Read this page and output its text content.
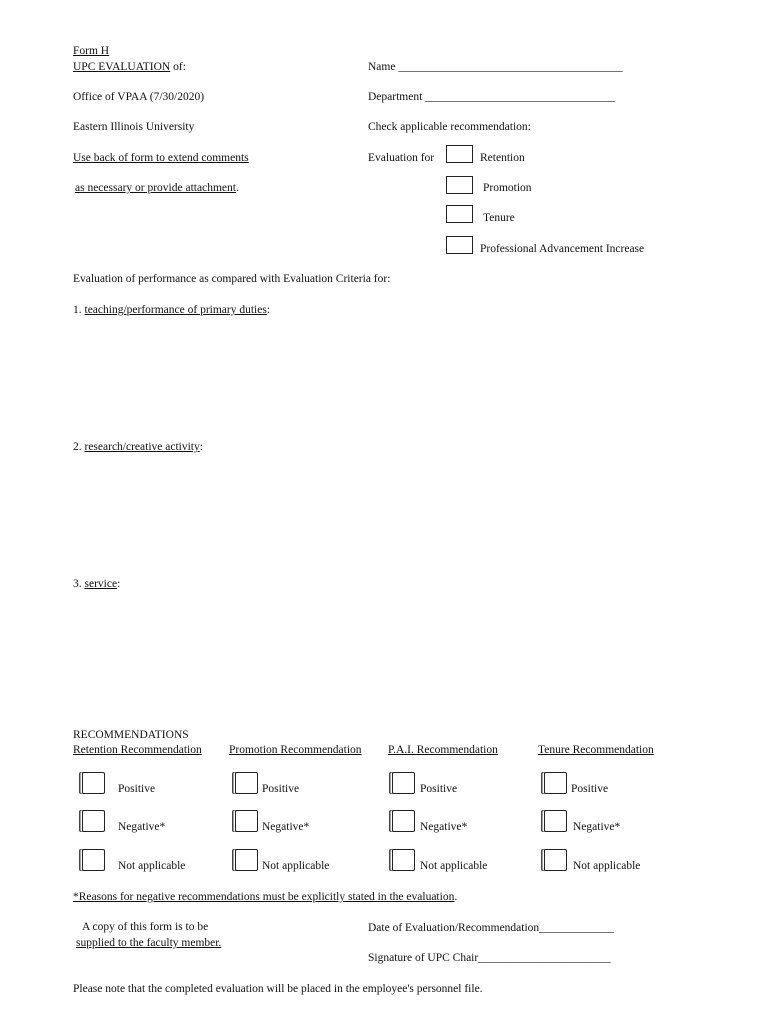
Form H
UPC EVALUATION of:
Office of VPAA (7/30/2020)
Eastern Illinois University
Use back of form to extend comments
as necessary or provide attachment.
Name _______________________________________
Department _________________________________
Check applicable recommendation:
Evaluation for	Retention
Promotion
Tenure
Professional Advancement Increase
Evaluation of performance as compared with Evaluation Criteria for:
1. teaching/performance of primary duties:
2. research/creative activity:
3. service:
RECOMMENDATIONS
Retention Recommendation Promotion Recommendation P.A.I. Recommendation	Tenure Recommendation
Positive
Negative*
Not applicable
Positive
Negative*
Not applicable
Positive
Negative*
Not applicable
Positive
Negative*
Not applicable
*Reasons for negative recommendations must be explicitly stated in the evaluation.
A copy of this form is to be
supplied to the faculty member.
Date of Evaluation/Recommendation_____________
Signature of UPC Chair_______________________
Please note that the completed evaluation will be placed in the employee's personnel file.
